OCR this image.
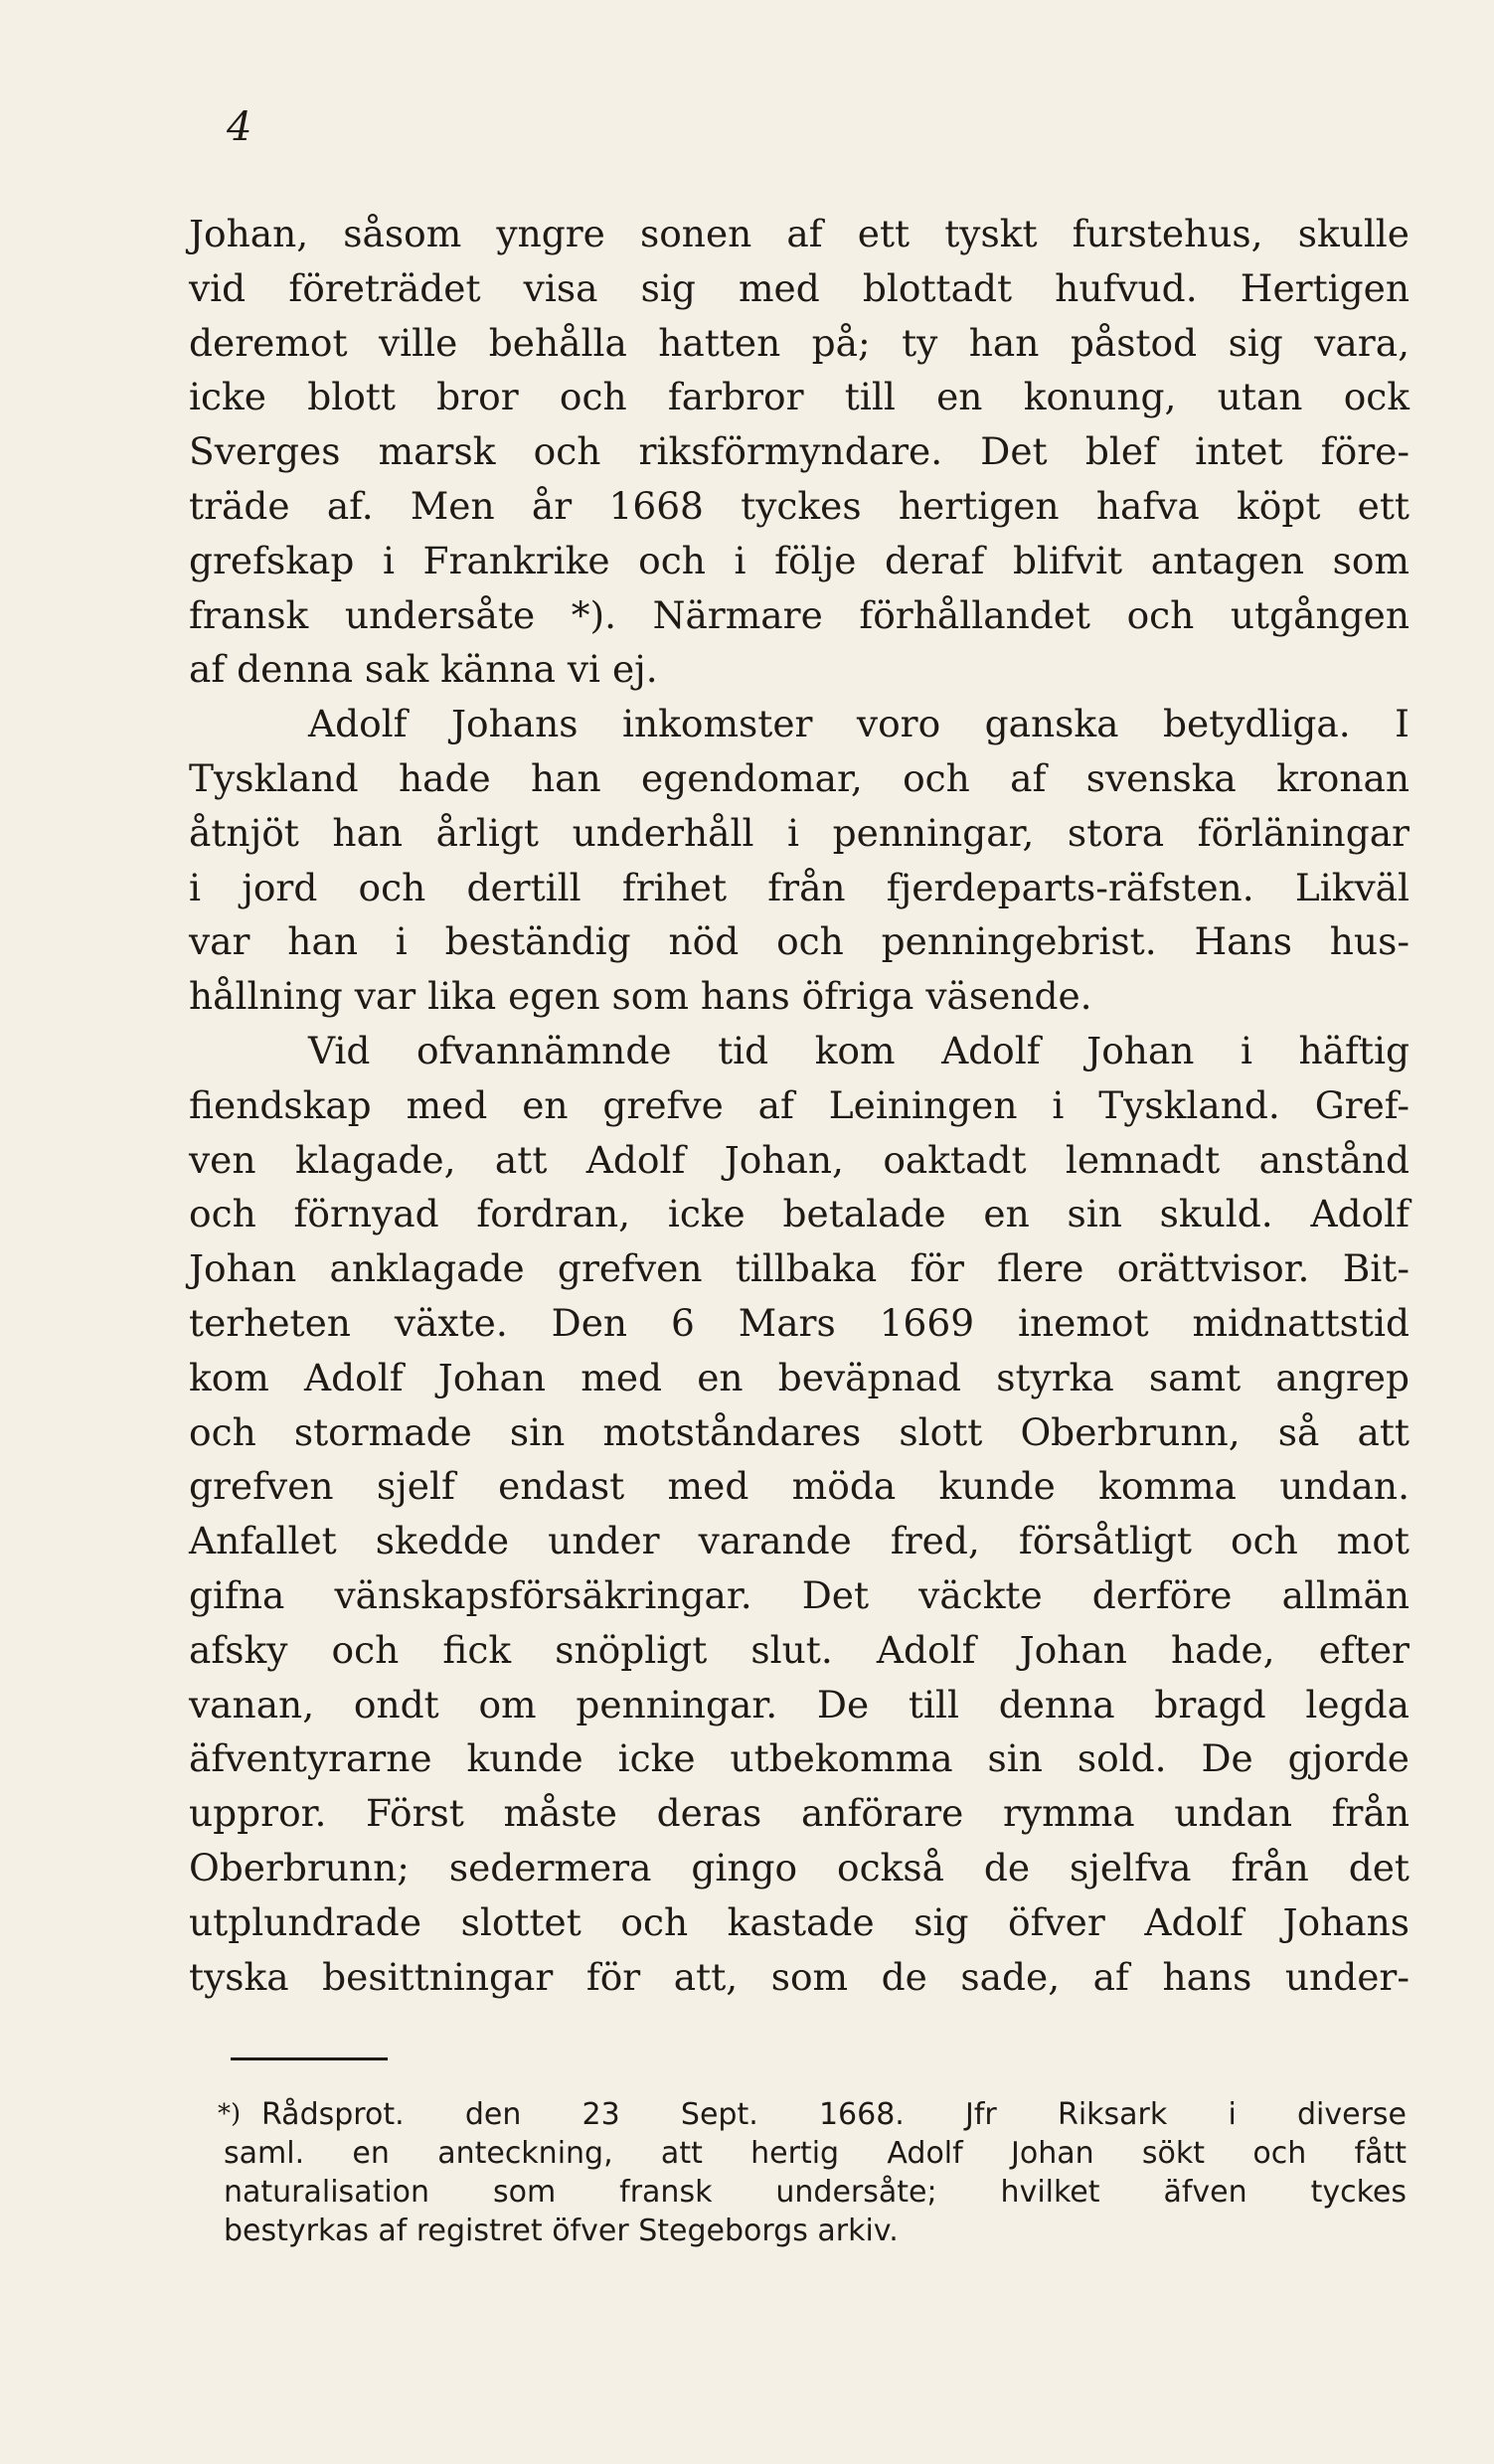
4
Johan, såsom yngre sonen af ett tyskt furstehus, skulle
vid företrädet visa sig med blottadt hufvud. Hertigen
deremot ville behålla hatten på; ty han påstod sig vara,
icke blott bror och farbror till en konung, utan ock
Sverges marsk och riksförmyndare. Det blef intet före-
träde af. Men år 1668 tyckes hertigen hafva köpt ett
grefskap i Frankrike och i följe deraf blifvit antagen som
fransk undersåte *). Närmare förhållandet och utgången
af denna sak känna vi ej.
Adolf Johans inkomster voro ganska betydliga. I
Tyskland hade han egendomar, och af svenska kronan
åtnjöt han årligt underhåll i penningar, stora förläningar
i jord och dertill frihet från fjerdeparts-räfsten. Likväl
var han i beständig nöd och penningebrist. Hans hus-
hållning var lika egen som hans öfriga väsende.
Vid ofvannämnde tid kom Adolf Johan i häftig
fiendskap med en grefve af Leiningen i Tyskland. Gref-
ven klagade, att Adolf Johan, oaktadt lemnadt anstånd
och förnyad fordran, icke betalade en sin skuld. Adolf
Johan anklagade grefven tillbaka för flere orättvisor. Bit-
terheten växte. Den 6 Mars 1669 inemot midnattstid
kom Adolf Johan med en beväpnad styrka samt angrep
och stormade sin motståndares slott Oberbrunn, så att
grefven sjelf endast med möda kunde komma undan.
Anfallet skedde under varande fred, försåtligt och mot
gifna vänskapsförsäkringar. Det väckte derföre allmän
afsky och fick snöpligt slut. Adolf Johan hade, efter
vanan, ondt om penningar. De till denna bragd legda
äfventyrarne kunde icke utbekomma sin sold. De gjorde
uppror. Först måste deras anförare rymma undan från
Oberbrunn; sedermera gingo också de sjelfva från det
utplundrade slottet och kastade sig öfver Adolf Johans
tyska besittningar för att, som de sade, af hans under-
*) Rådsprot. den 23 Sept. 1668. Jfr Riksark i diverse
saml. en anteckning, att hertig Adolf Johan sökt och fått
naturalisation som fransk undersåte; hvilket äfven tyckes
bestyrkas af registret öfver Stegeborgs arkiv.
